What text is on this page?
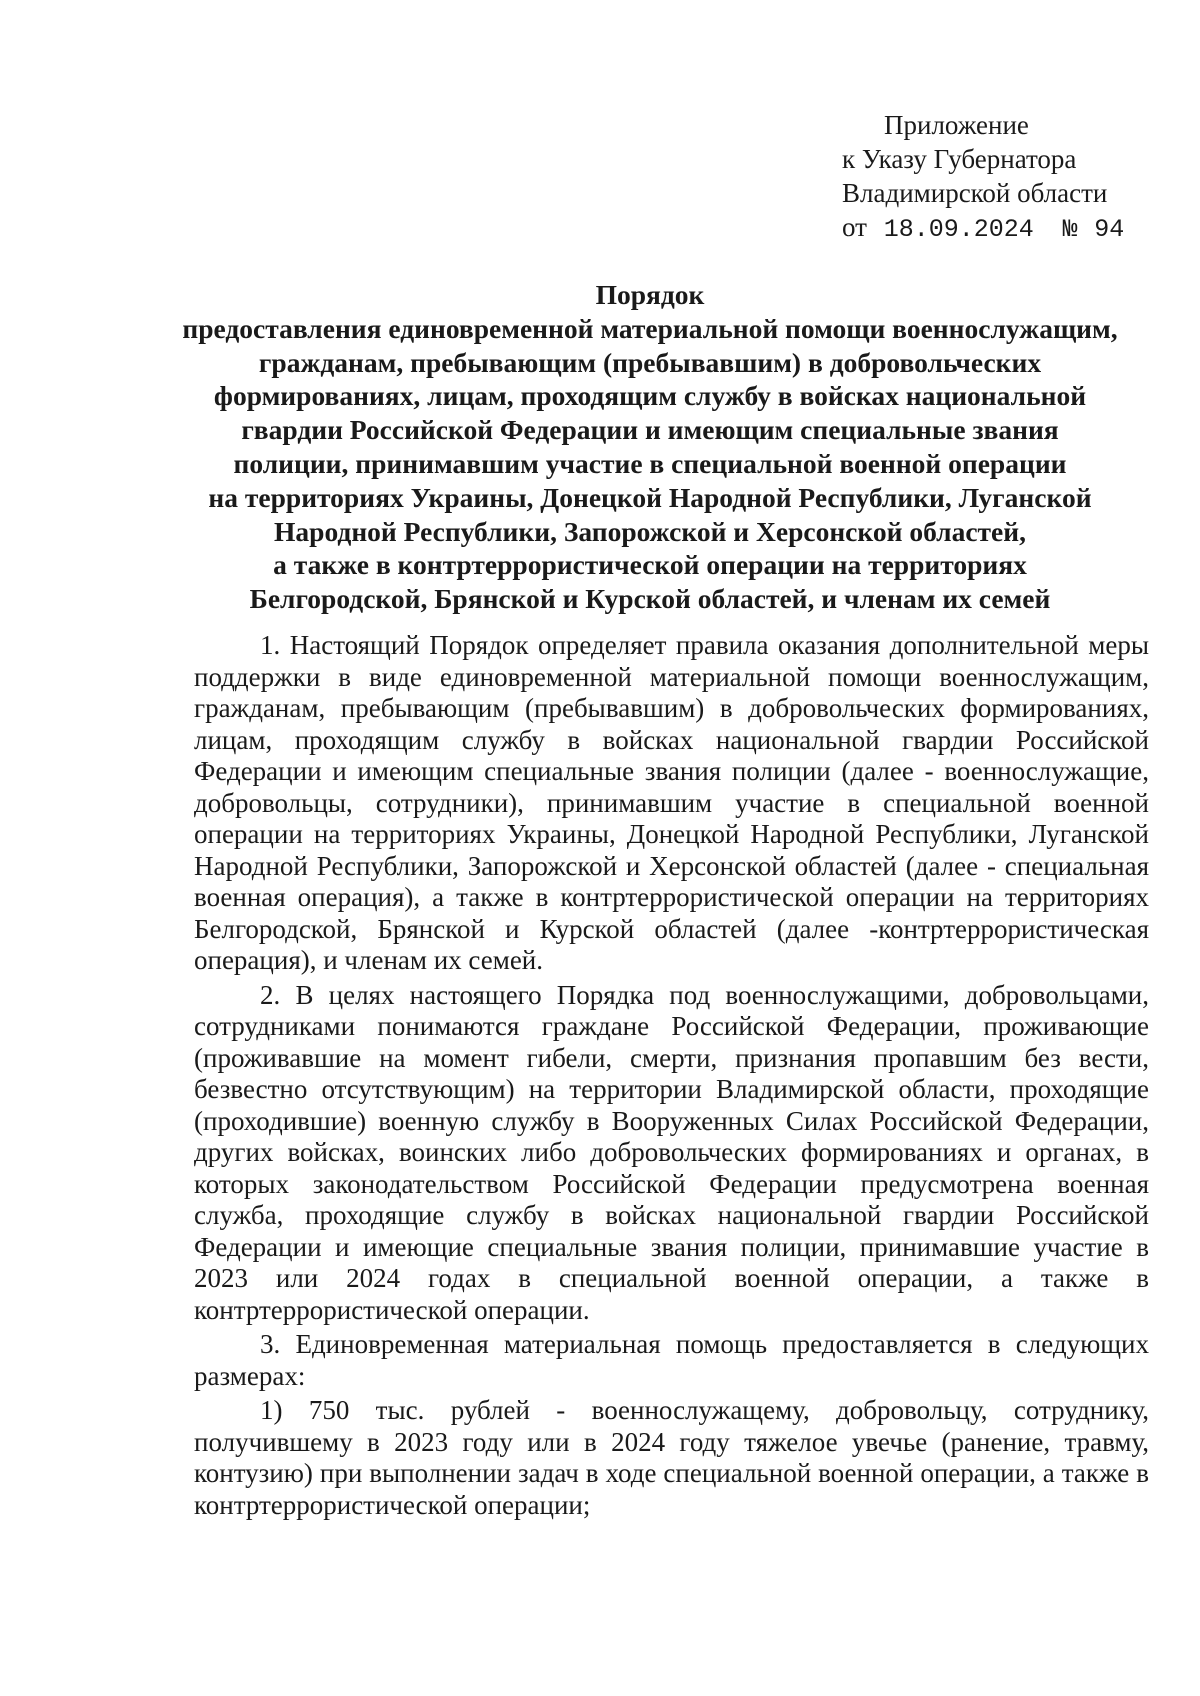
Приложение
к Указу Губернатора
Владимирской области
от 18.09.2024 № 94
Порядок
предоставления единовременной материальной помощи военнослужащим,
гражданам, пребывающим (пребывавшим) в добровольческих
формированиях, лицам, проходящим службу в войсках национальной
гвардии Российской Федерации и имеющим специальные звания
полиции, принимавшим участие в специальной военной операции
на территориях Украины, Донецкой Народной Республики, Луганской
Народной Республики, Запорожской и Херсонской областей,
а также в контртеррористической операции на территориях
Белгородской, Брянской и Курской областей, и членам их семей

1. Настоящий Порядок определяет правила оказания дополнительной меры поддержки в виде единовременной материальной помощи военнослужащим, гражданам, пребывающим (пребывавшим) в добровольческих формированиях, лицам, проходящим службу в войсках национальной гвардии Российской Федерации и имеющим специальные звания полиции (далее - военнослужащие, добровольцы, сотрудники), принимавшим участие в специальной военной операции на территориях Украины, Донецкой Народной Республики, Луганской Народной Республики, Запорожской и Херсонской областей (далее - специальная военная операция), а также в контртеррористической операции на территориях Белгородской, Брянской и Курской областей (далее -контртеррористическая операция), и членам их семей.

2. В целях настоящего Порядка под военнослужащими, добровольцами, сотрудниками понимаются граждане Российской Федерации, проживающие (проживавшие на момент гибели, смерти, признания пропавшим без вести, безвестно отсутствующим) на территории Владимирской области, проходящие (проходившие) военную службу в Вооруженных Силах Российской Федерации, других войсках, воинских либо добровольческих формированиях и органах, в которых законодательством Российской Федерации предусмотрена военная служба, проходящие службу в войсках национальной гвардии Российской Федерации и имеющие специальные звания полиции, принимавшие участие в 2023 или 2024 годах в специальной военной операции, а также в контртеррористической операции.

3. Единовременная материальная помощь предоставляется в следующих размерах:

1) 750 тыс. рублей - военнослужащему, добровольцу, сотруднику, получившему в 2023 году или в 2024 году тяжелое увечье (ранение, травму, контузию) при выполнении задач в ходе специальной военной операции, а также в контртеррористической операции;
